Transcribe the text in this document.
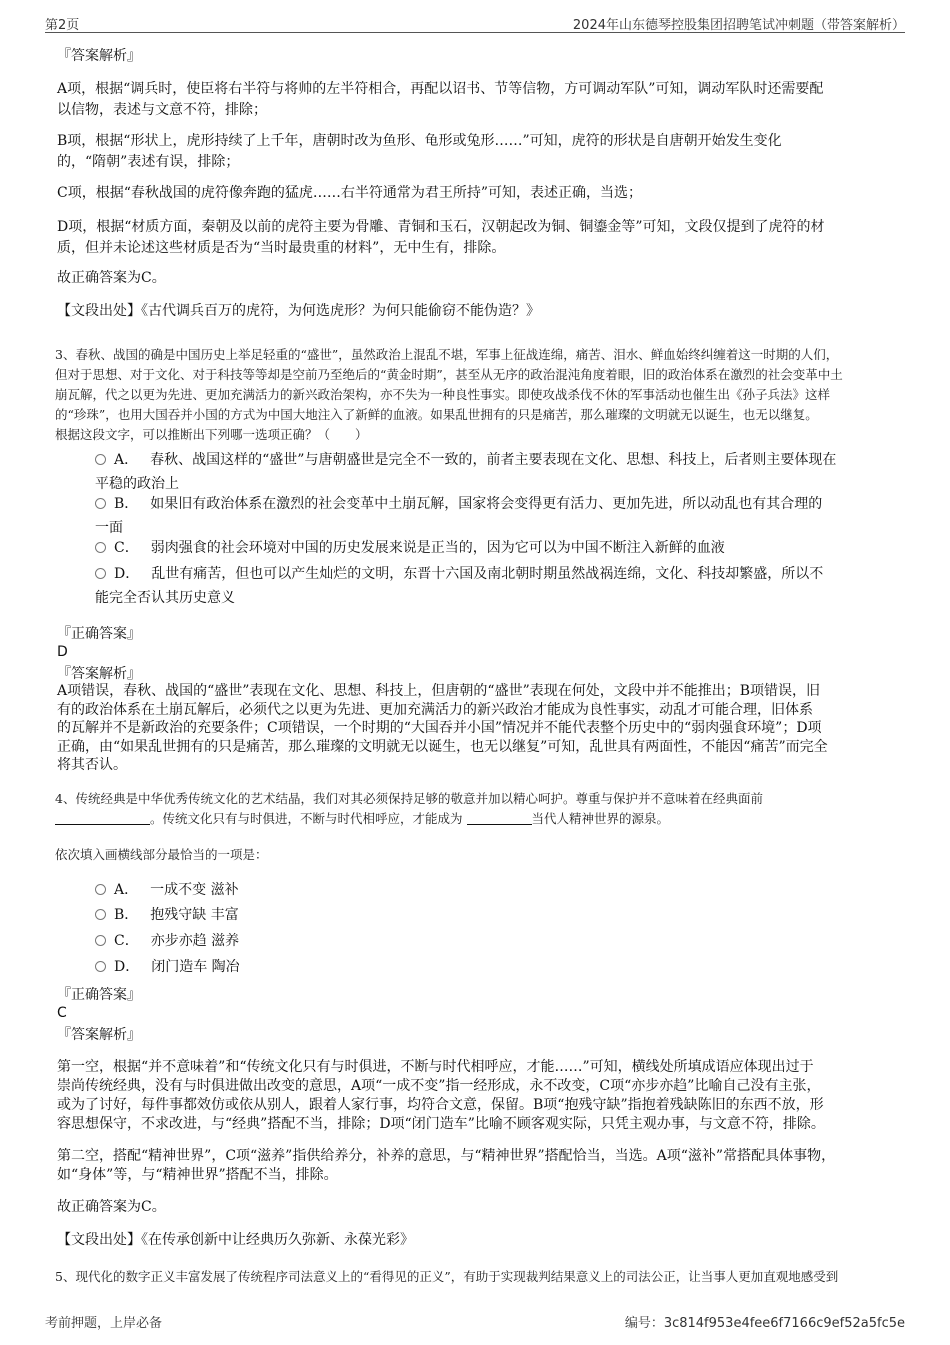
第2页	2024年山东德琴控股集团招聘笔试冲刺题（带答案解析）
『答案解析』
A项，根据“调兵时，使臣将右半符与将帅的左半符相合，再配以诏书、节等信物，方可调动军队”可知，调动军队时还需要配
以信物，表述与文意不符，排除；
B项，根据“形状上，虎形持续了上千年，唐朝时改为鱼形、龟形或兔形……”可知，虎符的形状是自唐朝开始发生变化
的，“隋朝”表述有误，排除；
C项，根据“春秋战国的虎符像奔跑的猛虎……右半符通常为君王所持”可知，表述正确，当选；
D项，根据“材质方面，秦朝及以前的虎符主要为骨雕、青铜和玉石，汉朝起改为铜、铜鎏金等”可知，文段仅提到了虎符的材
质，但并未论述这些材质是否为“当时最贵重的材料”，无中生有，排除。
故正确答案为C。
【文段出处】《古代调兵百万的虎符，为何选虎形？为何只能偷窃不能伪造？》
3、春秋、战国的确是中国历史上举足轻重的“盛世”，虽然政治上混乱不堪，军事上征战连绵，痛苦、泪水、鲜血始终纠缠着这一时期的人们，
但对于思想、对于文化、对于科技等等却是空前乃至绝后的“黄金时期”，甚至从无序的政治混沌角度着眼，旧的政治体系在激烈的社会变革中土
崩瓦解，代之以更为先进、更加充满活力的新兴政治架构，亦不失为一种良性事实。即使攻战杀伐不休的军事活动也催生出《孙子兵法》这样
的“珍珠”，也用大国吞并小国的方式为中国大地注入了新鲜的血液。如果乱世拥有的只是痛苦，那么璀璨的文明就无以诞生，也无以继复。
根据这段文字，可以推断出下列哪一选项正确？（　　）
A． 春秋、战国这样的“盛世”与唐朝盛世是完全不一致的，前者主要表现在文化、思想、科技上，后者则主要体现在
平稳的政治上
B． 如果旧有政治体系在激烈的社会变革中土崩瓦解，国家将会变得更有活力、更加先进，所以动乱也有其合理的
一面
C． 弱肉强食的社会环境对中国的历史发展来说是正当的，因为它可以为中国不断注入新鲜的血液
D． 乱世有痛苦，但也可以产生灿烂的文明，东晋十六国及南北朝时期虽然战祸连绵，文化、科技却繁盛，所以不
能完全否认其历史意义
『正确答案』
D
『答案解析』
A项错误，春秋、战国的“盛世”表现在文化、思想、科技上，但唐朝的“盛世”表现在何处，文段中并不能推出；B项错误，旧
有的政治体系在土崩瓦解后，必须代之以更为先进、更加充满活力的新兴政治才能成为良性事实，动乱才可能合理，旧体系
的瓦解并不是新政治的充要条件；C项错误，一个时期的“大国吞并小国”情况并不能代表整个历史中的“弱肉强食环境”；D项
正确，由“如果乱世拥有的只是痛苦，那么璀璨的文明就无以诞生，也无以继复”可知，乱世具有两面性，不能因“痛苦”而完全
将其否认。
4、传统经典是中华优秀传统文化的艺术结晶，我们对其必须保持足够的敬意并加以精心呵护。尊重与保护并不意味着在经典面前
。传统文化只有与时俱进，不断与时代相呼应，才能成为	当代人精神世界的源泉。
依次填入画横线部分最恰当的一项是：
A． 一成不变 滋补
B． 抱残守缺 丰富
C． 亦步亦趋 滋养
D． 闭门造车 陶冶
『正确答案』
C
『答案解析』
第一空，根据“并不意味着”和“传统文化只有与时俱进，不断与时代相呼应，才能……”可知，横线处所填成语应体现出过于
崇尚传统经典，没有与时俱进做出改变的意思，A项“一成不变”指一经形成，永不改变，C项“亦步亦趋”比喻自己没有主张，
或为了讨好，每件事都效仿或依从别人，跟着人家行事，均符合文意，保留。B项“抱残守缺”指抱着残缺陈旧的东西不放，形
容思想保守，不求改进，与“经典”搭配不当，排除；D项“闭门造车”比喻不顾客观实际，只凭主观办事，与文意不符，排除。
第二空，搭配“精神世界”，C项“滋养”指供给养分，补养的意思，与“精神世界”搭配恰当，当选。A项“滋补”常搭配具体事物，
如“身体”等，与“精神世界”搭配不当，排除。
故正确答案为C。
【文段出处】《在传承创新中让经典历久弥新、永葆光彩》
5、现代化的数字正义丰富发展了传统程序司法意义上的“看得见的正义”，有助于实现裁判结果意义上的司法公正，让当事人更加直观地感受到
考前押题，上岸必备	编号：3c814f953e4fee6f7166c9ef52a5fc5e
